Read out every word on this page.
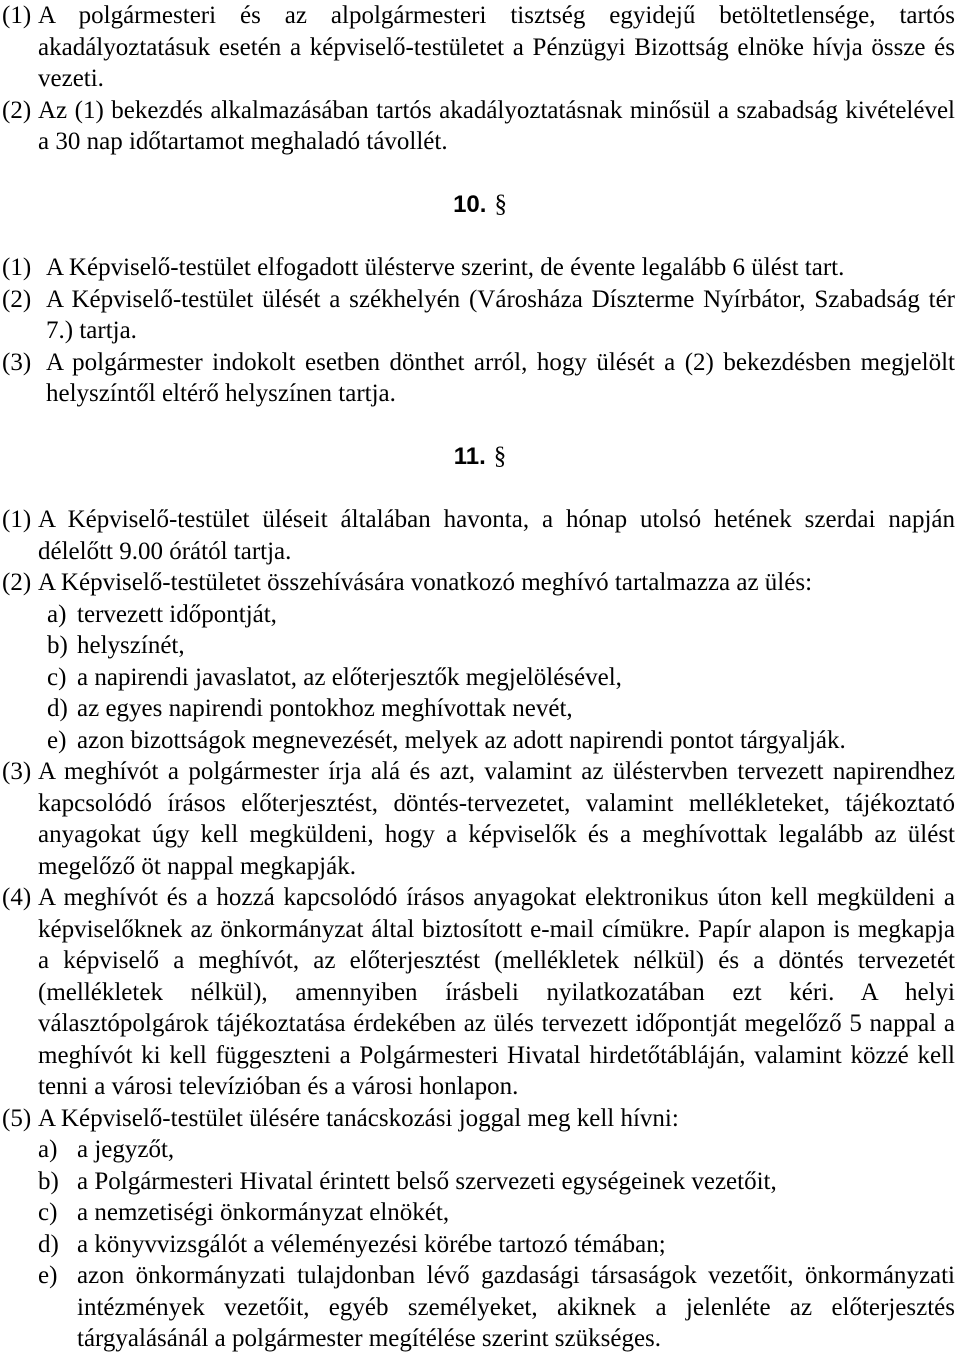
(1) A polgármesteri és az alpolgármesteri tisztség egyidejű betöltetlensége, tartós
akadályoztatásuk esetén a képviselő-testületet a Pénzügyi Bizottság elnöke hívja össze és
vezeti.
(2) Az (1) bekezdés alkalmazásában tartós akadályoztatásnak minősül a szabadság kivételével
a 30 nap időtartamot meghaladó távollét.
10. §
(1) A Képviselő-testület elfogadott ülésterve szerint, de évente legalább 6 ülést tart.
(2) A Képviselő-testület ülését a székhelyén (Városháza Díszterme Nyírbátor, Szabadság tér
7.) tartja.
(3) A polgármester indokolt esetben dönthet arról, hogy ülését a (2) bekezdésben megjelölt
helyszíntől eltérő helyszínen tartja.
11. §
(1) A Képviselő-testület üléseit általában havonta, a hónap utolsó hetének szerdai napján
délelőtt 9.00 órától tartja.
(2) A Képviselő-testületet összehívására vonatkozó meghívó tartalmazza az ülés:
a) tervezett időpontját,
b) helyszínét,
c) a napirendi javaslatot, az előterjesztők megjelölésével,
d) az egyes napirendi pontokhoz meghívottak nevét,
e) azon bizottságok megnevezését, melyek az adott napirendi pontot tárgyalják.
(3) A meghívót a polgármester írja alá és azt, valamint az üléstervben tervezett napirendhez
kapcsolódó írásos előterjesztést, döntés-tervezetet, valamint mellékleteket, tájékoztató
anyagokat úgy kell megküldeni, hogy a képviselők és a meghívottak legalább az ülést
megelőző öt nappal megkapják.
(4) A meghívót és a hozzá kapcsolódó írásos anyagokat elektronikus úton kell megküldeni a
képviselőknek az önkormányzat által biztosított e-mail címükre. Papír alapon is megkapja
a képviselő a meghívót, az előterjesztést (mellékletek nélkül) és a döntés tervezetét
(mellékletek nélkül), amennyiben írásbeli nyilatkozatában ezt kéri. A helyi
választópolgárok tájékoztatása érdekében az ülés tervezett időpontját megelőző 5 nappal a
meghívót ki kell függeszteni a Polgármesteri Hivatal hirdetőtábláján, valamint közzé kell
tenni a városi televízióban és a városi honlapon.
(5) A Képviselő-testület ülésére tanácskozási joggal meg kell hívni:
a) a jegyzőt,
b) a Polgármesteri Hivatal érintett belső szervezeti egységeinek vezetőit,
c) a nemzetiségi önkormányzat elnökét,
d) a könyvvizsgálót a véleményezési körébe tartozó témában;
e) azon önkormányzati tulajdonban lévő gazdasági társaságok vezetőit, önkormányzati
intézmények vezetőit, egyéb személyeket, akiknek a jelenléte az előterjesztés
tárgyalásánál a polgármester megítélése szerint szükséges.
